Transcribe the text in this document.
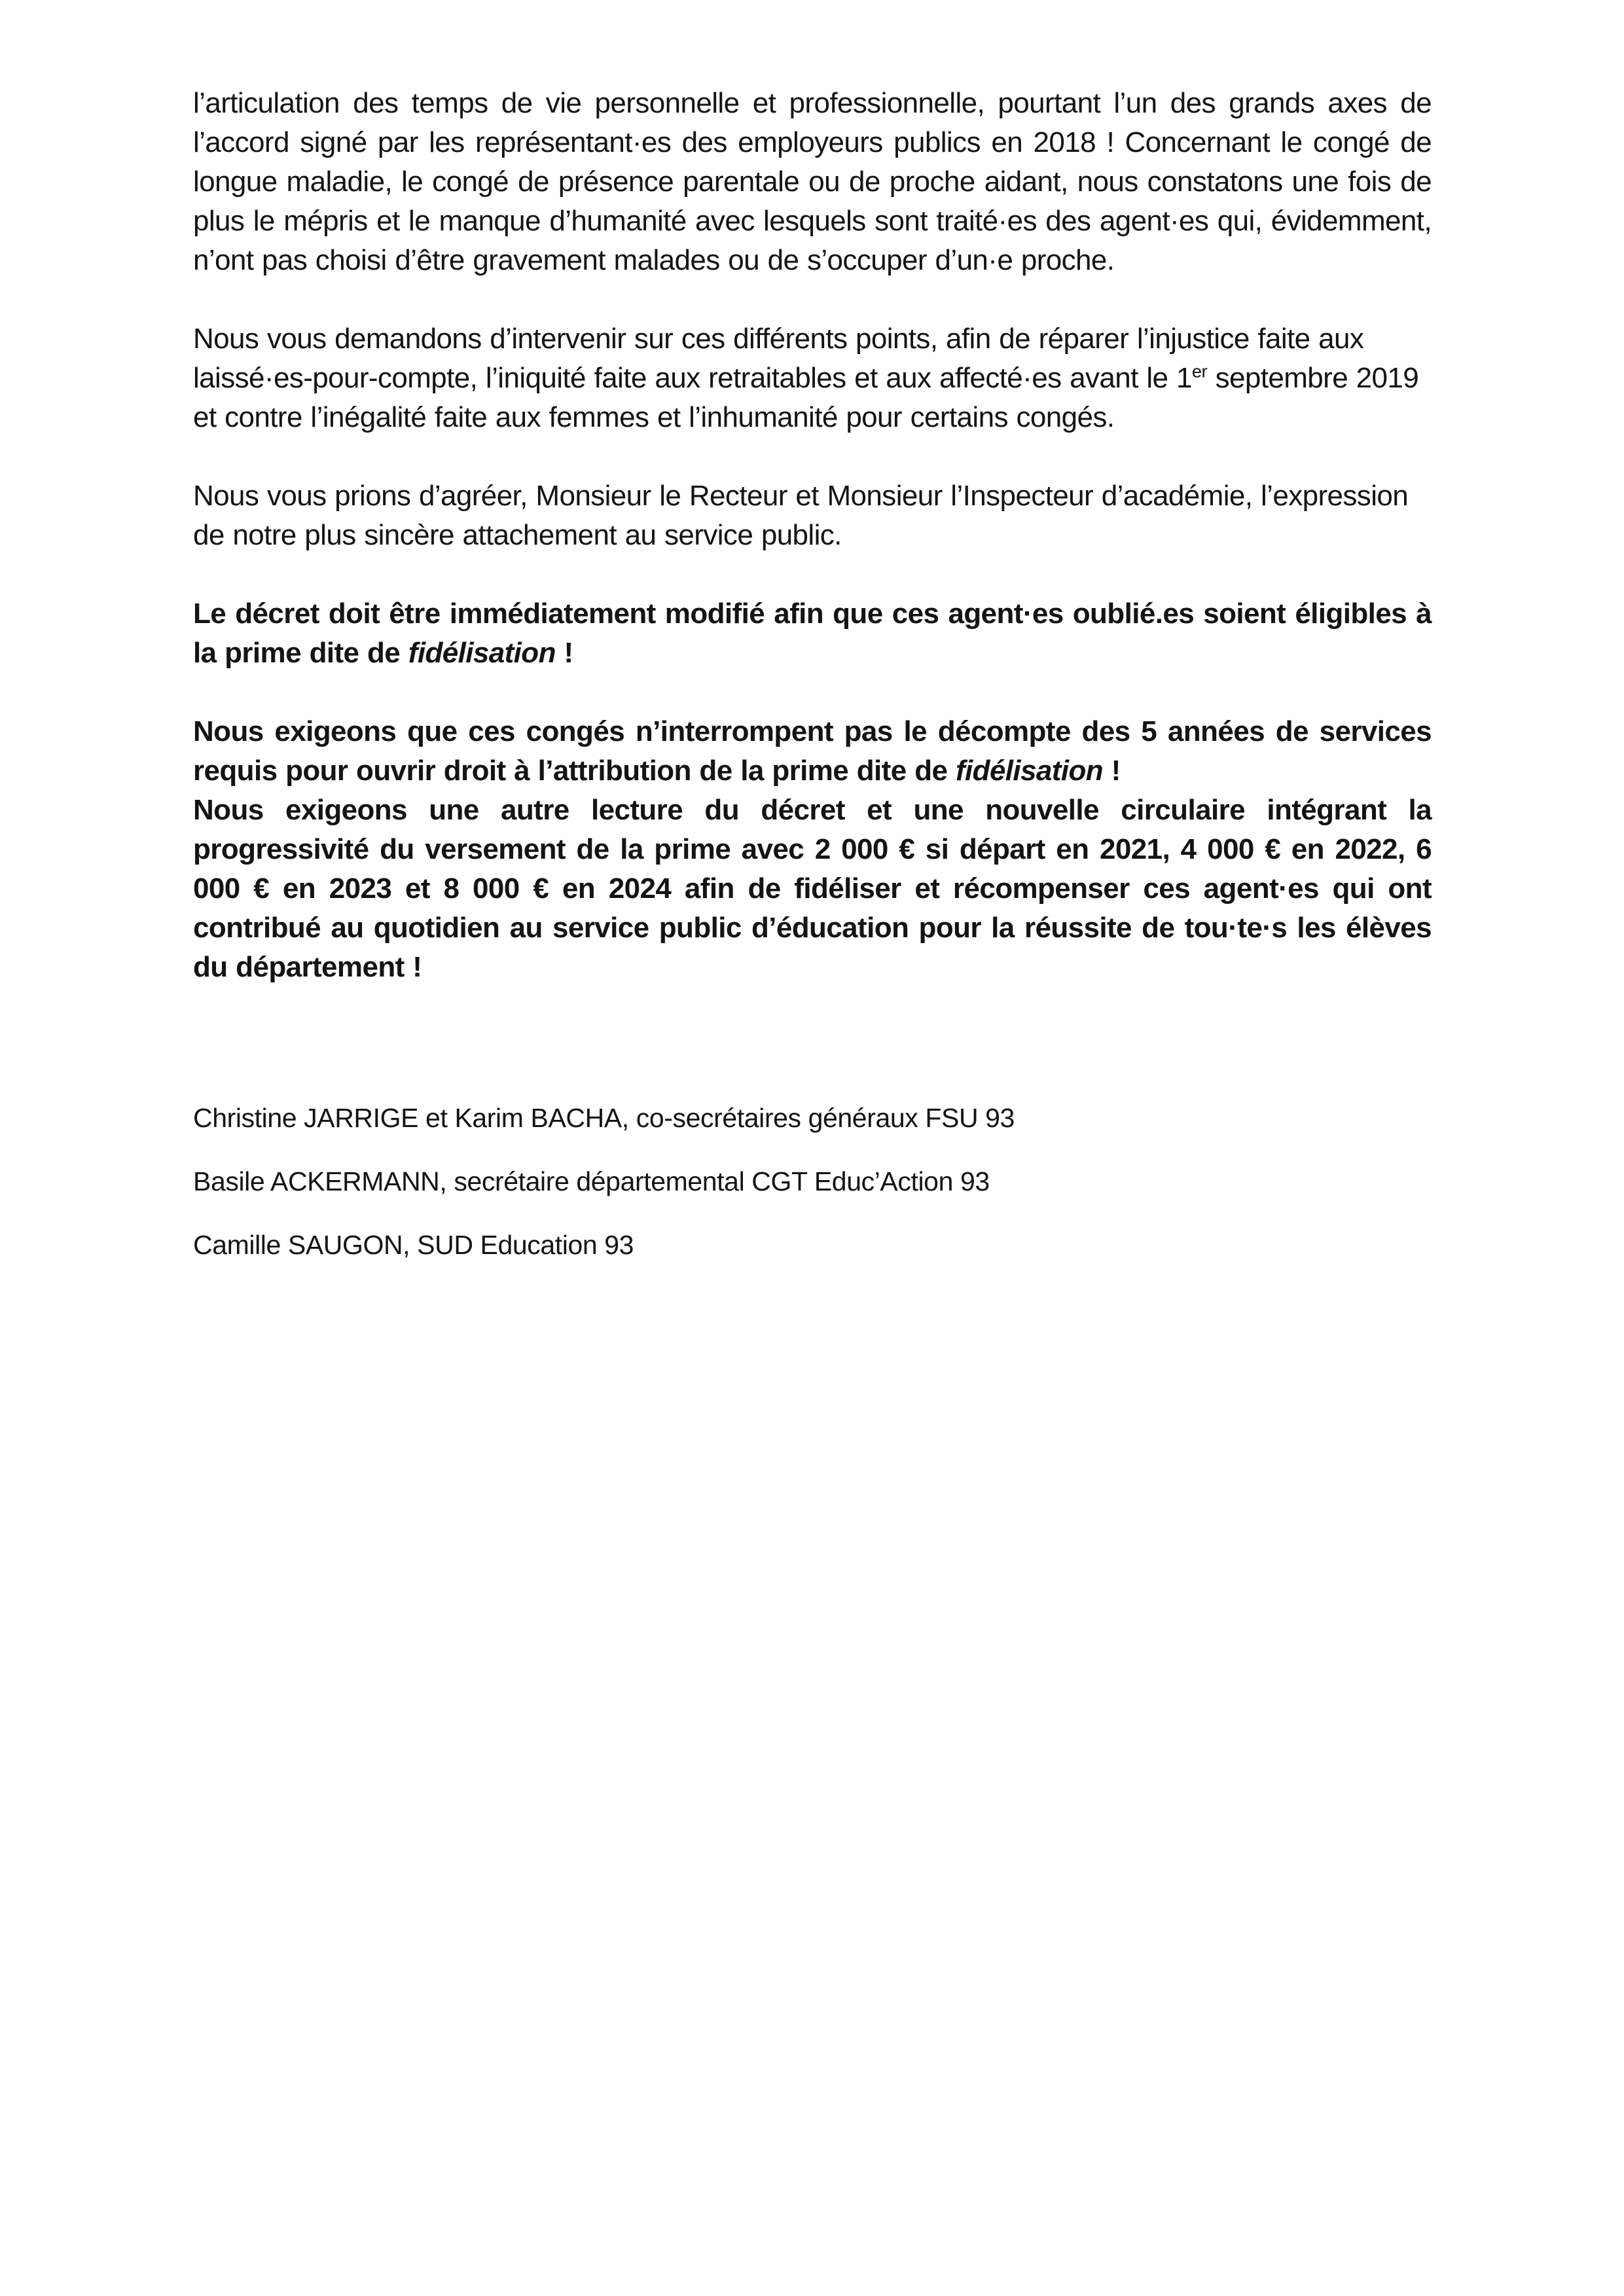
l’articulation des temps de vie personnelle et professionnelle, pourtant l’un des grands axes de l’accord signé par les représentant·es des employeurs publics en 2018 ! Concernant le congé de longue maladie, le congé de présence parentale ou de proche aidant, nous constatons une fois de plus le mépris et le manque d’humanité avec lesquels sont traité·es des agent·es qui, évidemment, n’ont pas choisi d’être gravement malades ou de s’occuper d’un·e proche.

Nous vous demandons d’intervenir sur ces différents points, afin de réparer l’injustice faite aux laissé·es-pour-compte, l’iniquité faite aux retraitables et aux affecté·es avant le 1er septembre 2019 et contre l’inégalité faite aux femmes et l’inhumanité pour certains congés.

Nous vous prions d’agréer, Monsieur le Recteur et Monsieur l’Inspecteur d’académie, l’expression de notre plus sincère attachement au service public.

Le décret doit être immédiatement modifié afin que ces agent·es oublié.es soient éligibles à la prime dite de fidélisation !

Nous exigeons que ces congés n’interrompent pas le décompte des 5 années de services requis pour ouvrir droit à l’attribution de la prime dite de fidélisation !

Nous exigeons une autre lecture du décret et une nouvelle circulaire intégrant la progressivité du versement de la prime avec 2 000 € si départ en 2021, 4 000 € en 2022, 6 000 € en 2023 et 8 000 € en 2024 afin de fidéliser et récompenser ces agent·es qui ont contribué au quotidien au service public d’éducation pour la réussite de tou·te·s les élèves du département !

Christine JARRIGE et Karim BACHA, co-secrétaires généraux FSU 93

Basile ACKERMANN, secrétaire départemental CGT Educ’Action 93

Camille SAUGON, SUD Education 93
